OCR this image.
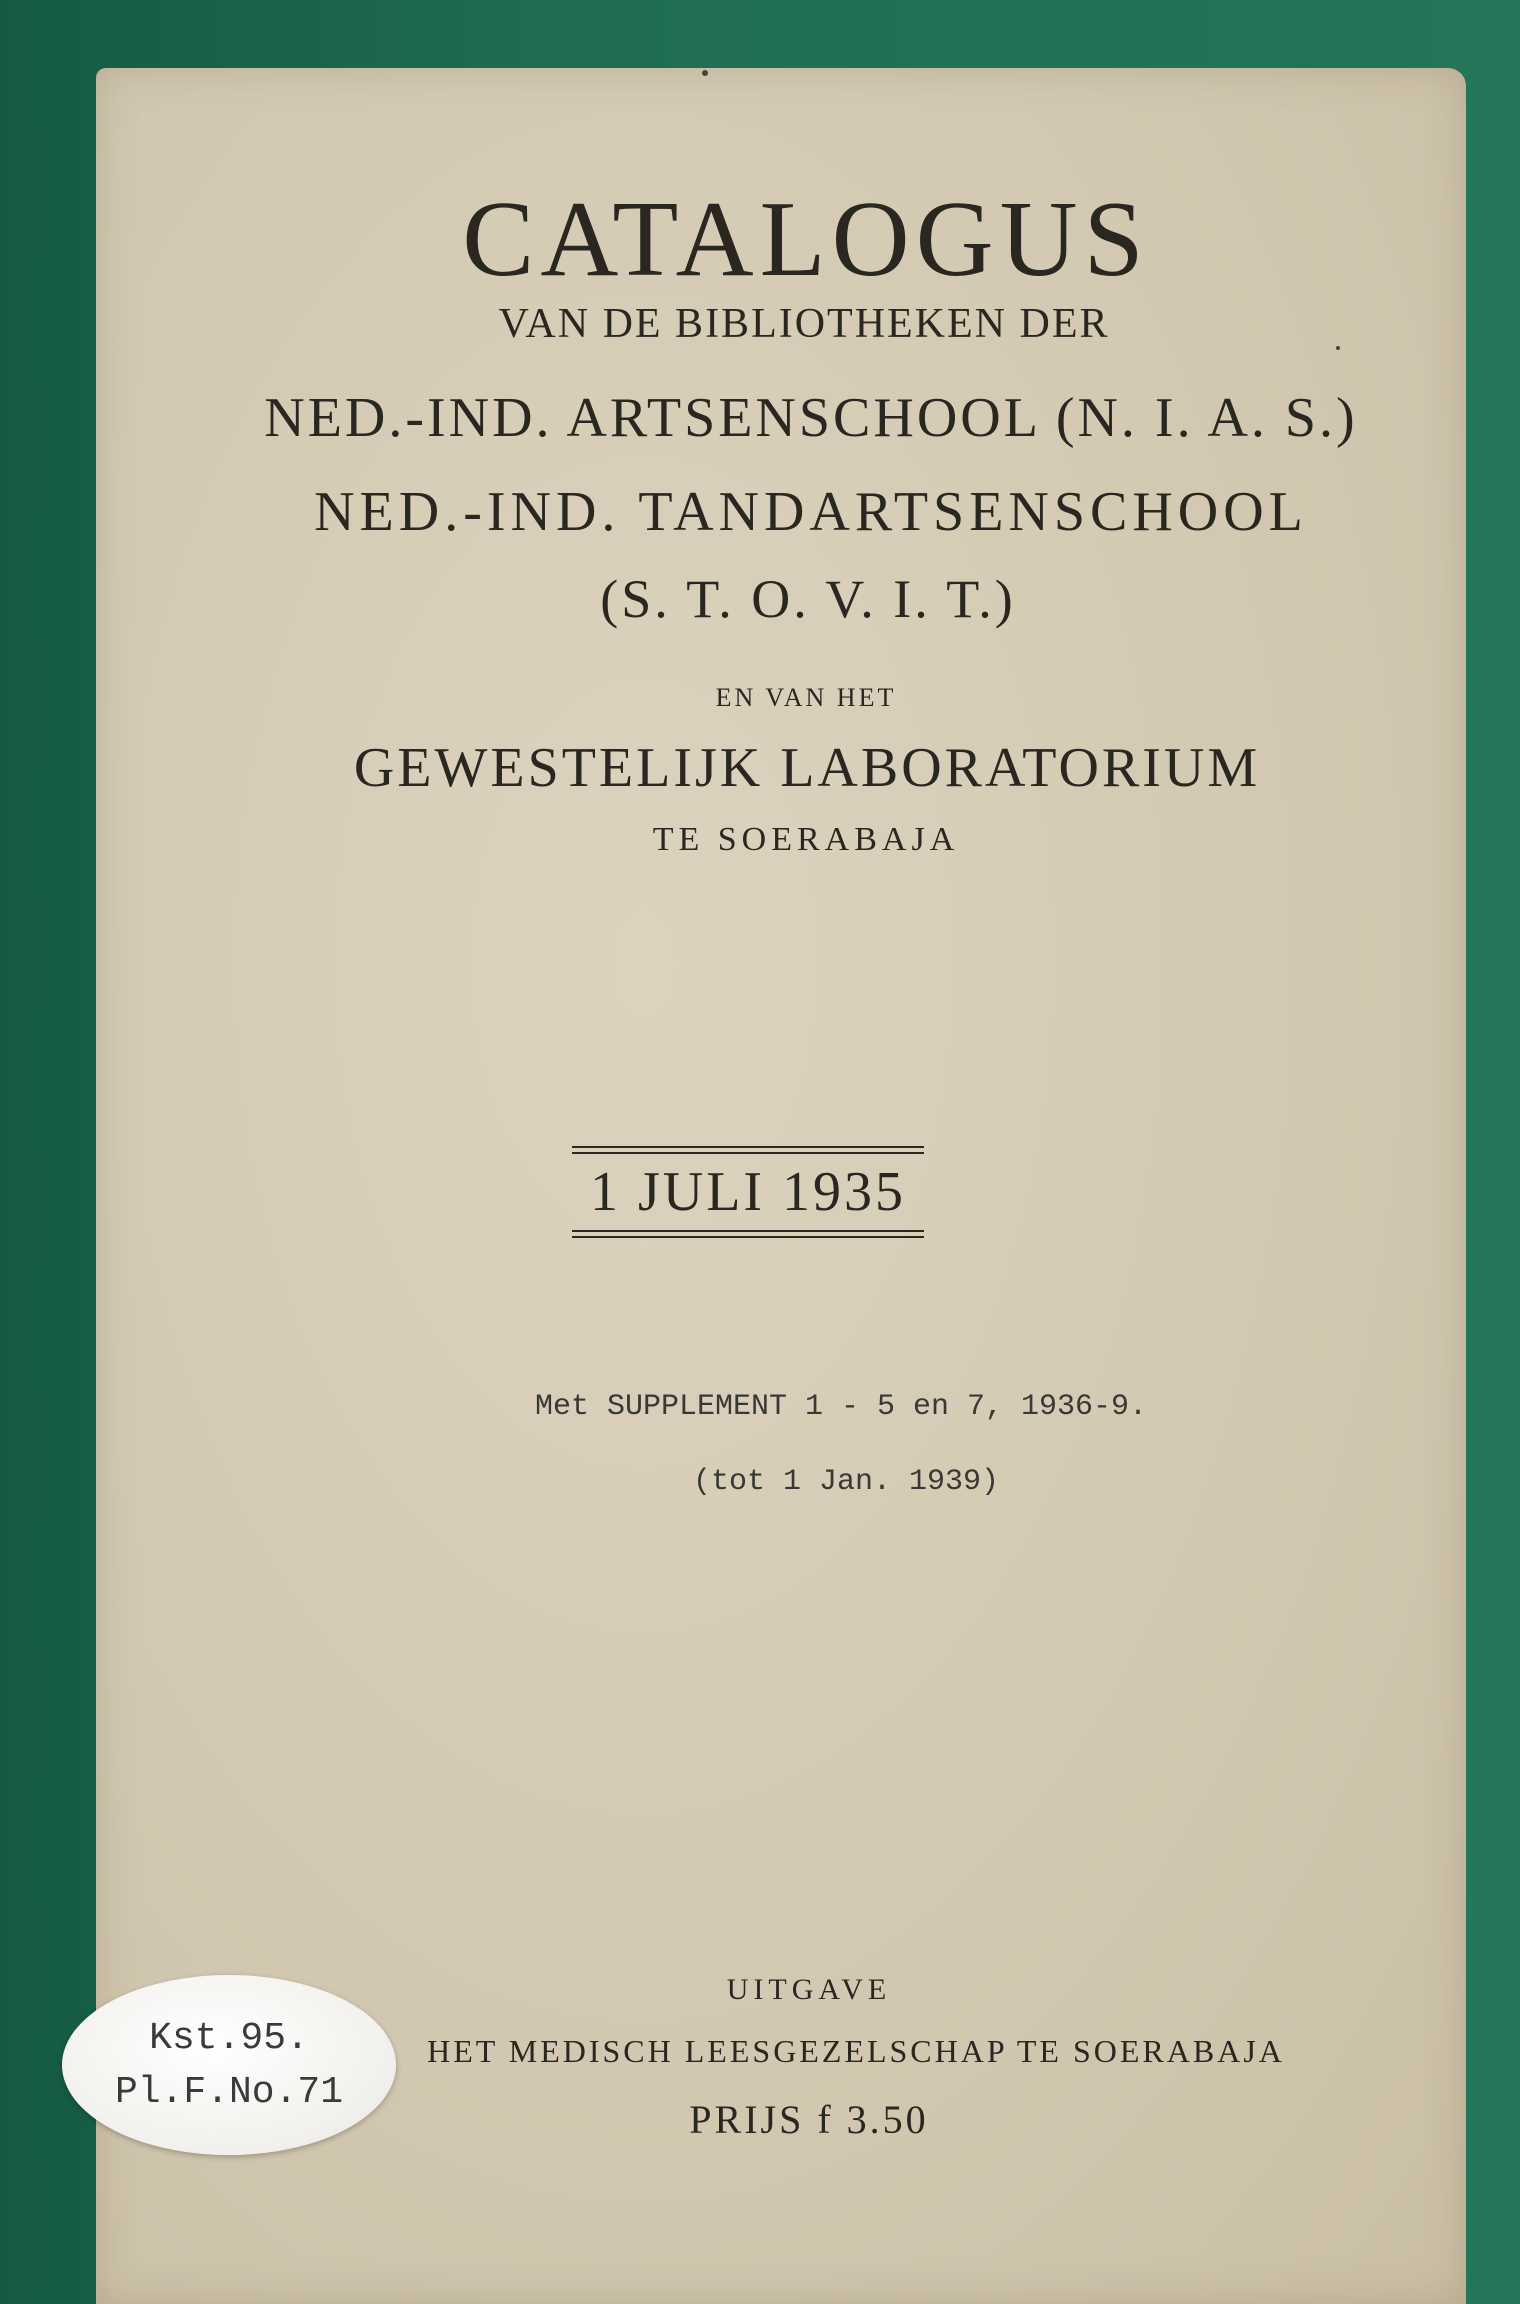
CATALOGUS
VAN DE BIBLIOTHEKEN DER
NED.-IND. ARTSENSCHOOL (N. I. A. S.)
NED.-IND. TANDARTSENSCHOOL
(S. T. O. V. I. T.)
EN VAN HET
GEWESTELIJK LABORATORIUM
TE SOERABAJA
1 JULI 1935
Met SUPPLEMENT 1 - 5 en 7, 1936-9.
(tot 1 Jan. 1939)
UITGAVE
HET MEDISCH LEESGEZELSCHAP TE SOERABAJA
PRIJS f 3.50
Kst.95.
Pl.F.No.71
